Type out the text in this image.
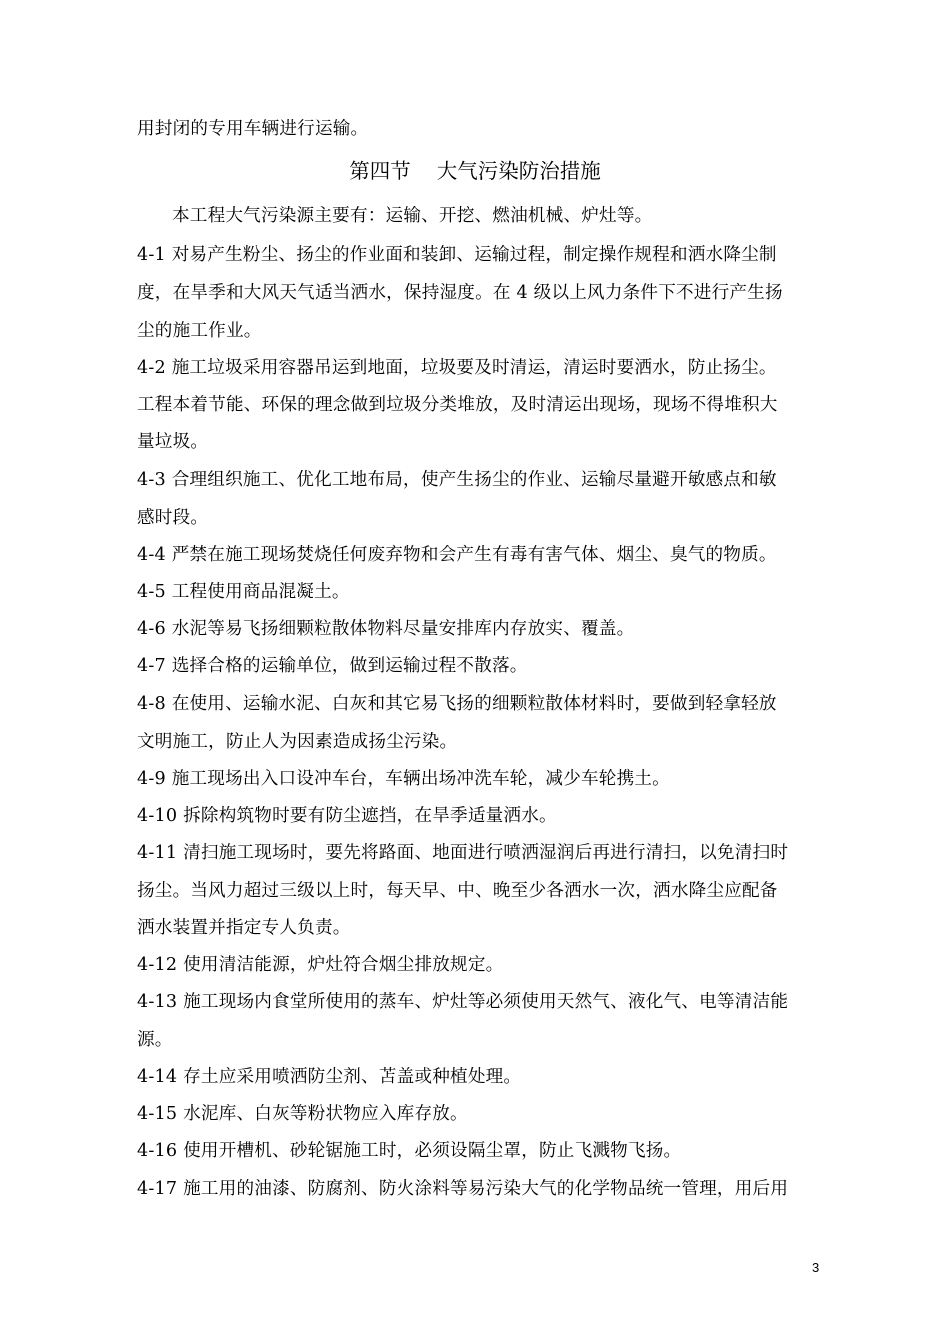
用封闭的专用车辆进行运输。
第四节    大气污染防治措施
本工程大气污染源主要有：运输、开挖、燃油机械、炉灶等。
4-1 对易产生粉尘、扬尘的作业面和装卸、运输过程，制定操作规程和洒水降尘制
度，在旱季和大风天气适当洒水，保持湿度。在 4 级以上风力条件下不进行产生扬
尘的施工作业。
4-2 施工垃圾采用容器吊运到地面，垃圾要及时清运，清运时要洒水，防止扬尘。
工程本着节能、环保的理念做到垃圾分类堆放，及时清运出现场，现场不得堆积大
量垃圾。
4-3 合理组织施工、优化工地布局，使产生扬尘的作业、运输尽量避开敏感点和敏
感时段。
4-4 严禁在施工现场焚烧任何废弃物和会产生有毒有害气体、烟尘、臭气的物质。
4-5 工程使用商品混凝土。
4-6 水泥等易飞扬细颗粒散体物料尽量安排库内存放实、覆盖。
4-7 选择合格的运输单位，做到运输过程不散落。
4-8 在使用、运输水泥、白灰和其它易飞扬的细颗粒散体材料时，要做到轻拿轻放
文明施工，防止人为因素造成扬尘污染。
4-9 施工现场出入口设冲车台，车辆出场冲洗车轮，减少车轮携土。
4-10 拆除构筑物时要有防尘遮挡，在旱季适量洒水。
4-11 清扫施工现场时，要先将路面、地面进行喷洒湿润后再进行清扫，以免清扫时
扬尘。当风力超过三级以上时，每天早、中、晚至少各洒水一次，洒水降尘应配备
洒水装置并指定专人负责。
4-12 使用清洁能源，炉灶符合烟尘排放规定。
4-13 施工现场内食堂所使用的蒸车、炉灶等必须使用天然气、液化气、电等清洁能
源。
4-14 存土应采用喷洒防尘剂、苫盖或种植处理。
4-15 水泥库、白灰等粉状物应入库存放。
4-16 使用开槽机、砂轮锯施工时，必须设隔尘罩，防止飞溅物飞扬。
4-17 施工用的油漆、防腐剂、防火涂料等易污染大气的化学物品统一管理，用后用
3
